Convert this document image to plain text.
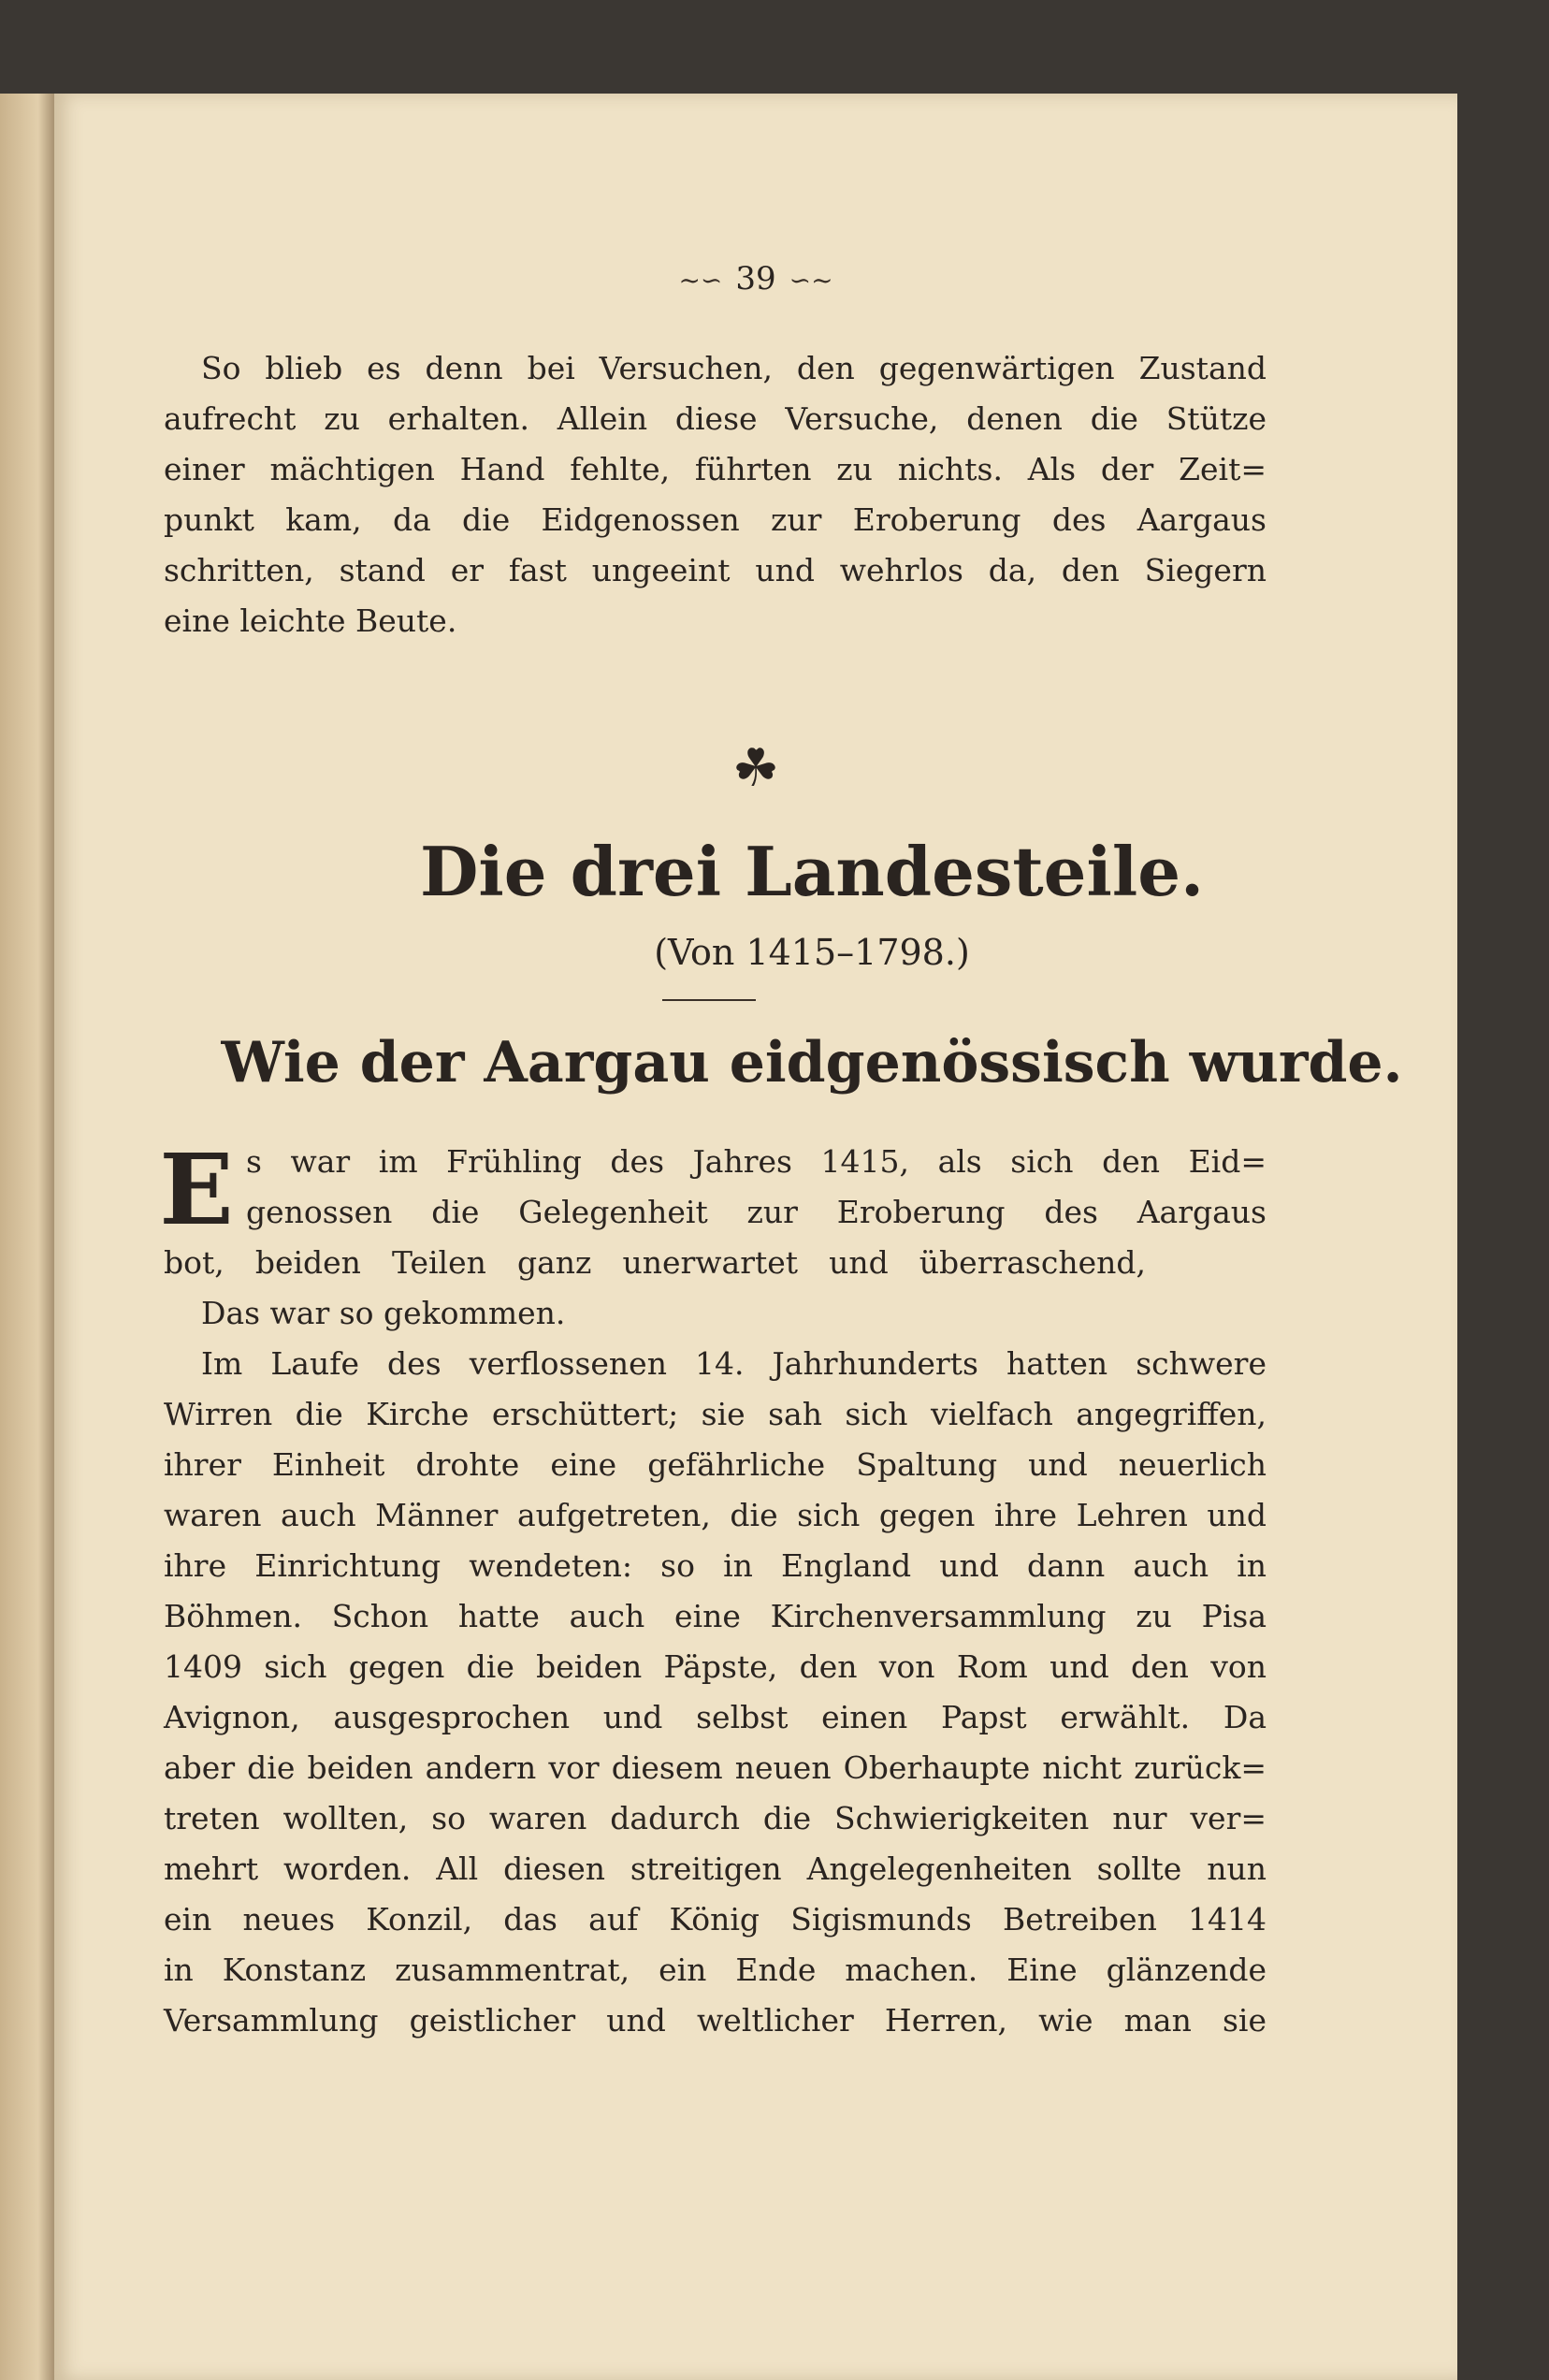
~∽ 39 ∽~
So blieb es denn bei Versuchen, den gegenwärtigen Zustand
aufrecht zu erhalten. Allein diese Versuche, denen die Stütze
einer mächtigen Hand fehlte, führten zu nichts. Als der Zeit=
punkt kam, da die Eidgenossen zur Eroberung des Aargaus
schritten, stand er fast ungeeint und wehrlos da, den Siegern
eine leichte Beute.
☘
Die drei Landesteile.
(Von 1415–1798.)
Wie der Aargau eidgenössisch wurde.
E s war im Frühling des Jahres 1415, als sich den Eid=
genossen die Gelegenheit zur Eroberung des Aargaus
bot, beiden Teilen ganz unerwartet und überraschend,
Das war so gekommen.
Im Laufe des verflossenen 14. Jahrhunderts hatten schwere
Wirren die Kirche erschüttert; sie sah sich vielfach angegriffen,
ihrer Einheit drohte eine gefährliche Spaltung und neuerlich
waren auch Männer aufgetreten, die sich gegen ihre Lehren und
ihre Einrichtung wendeten: so in England und dann auch in
Böhmen. Schon hatte auch eine Kirchenversammlung zu Pisa
1409 sich gegen die beiden Päpste, den von Rom und den von
Avignon, ausgesprochen und selbst einen Papst erwählt. Da
aber die beiden andern vor diesem neuen Oberhaupte nicht zurück=
treten wollten, so waren dadurch die Schwierigkeiten nur ver=
mehrt worden. All diesen streitigen Angelegenheiten sollte nun
ein neues Konzil, das auf König Sigismunds Betreiben 1414
in Konstanz zusammentrat, ein Ende machen. Eine glänzende
Versammlung geistlicher und weltlicher Herren, wie man sie
